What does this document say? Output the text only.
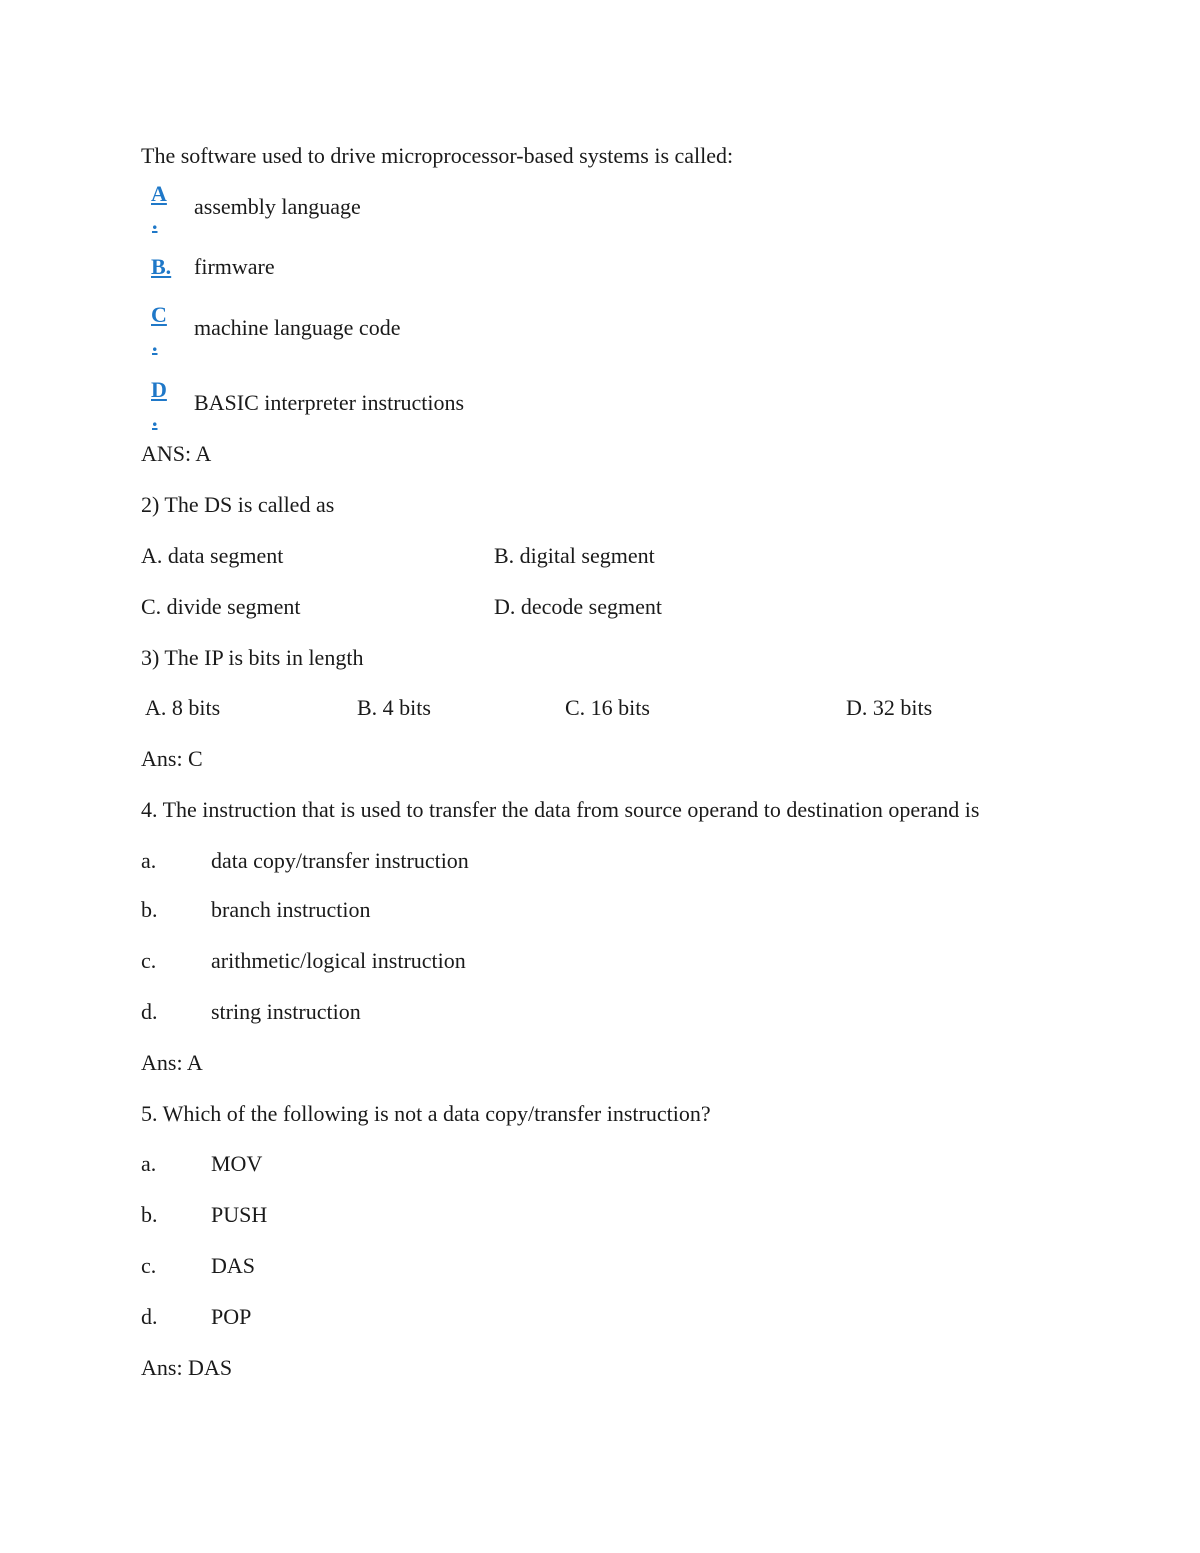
The software used to drive microprocessor-based systems is called:
A
.
assembly language
B. firmware
C
.
machine language code
D
.
BASIC interpreter instructions
ANS: A
2) The DS is called as
A. data segment	B. digital segment
C. divide segment	D. decode segment
3) The IP is bits in length
A. 8 bits	B. 4 bits	C. 16 bits	D. 32 bits
Ans: C
4. The instruction that is used to transfer the data from source operand to destination operand is
a. data copy/transfer instruction
b. branch instruction
c. arithmetic/logical instruction
d. string instruction
Ans: A
5. Which of the following is not a data copy/transfer instruction?
a. MOV
b. PUSH
c. DAS
d. POP
Ans: DAS
